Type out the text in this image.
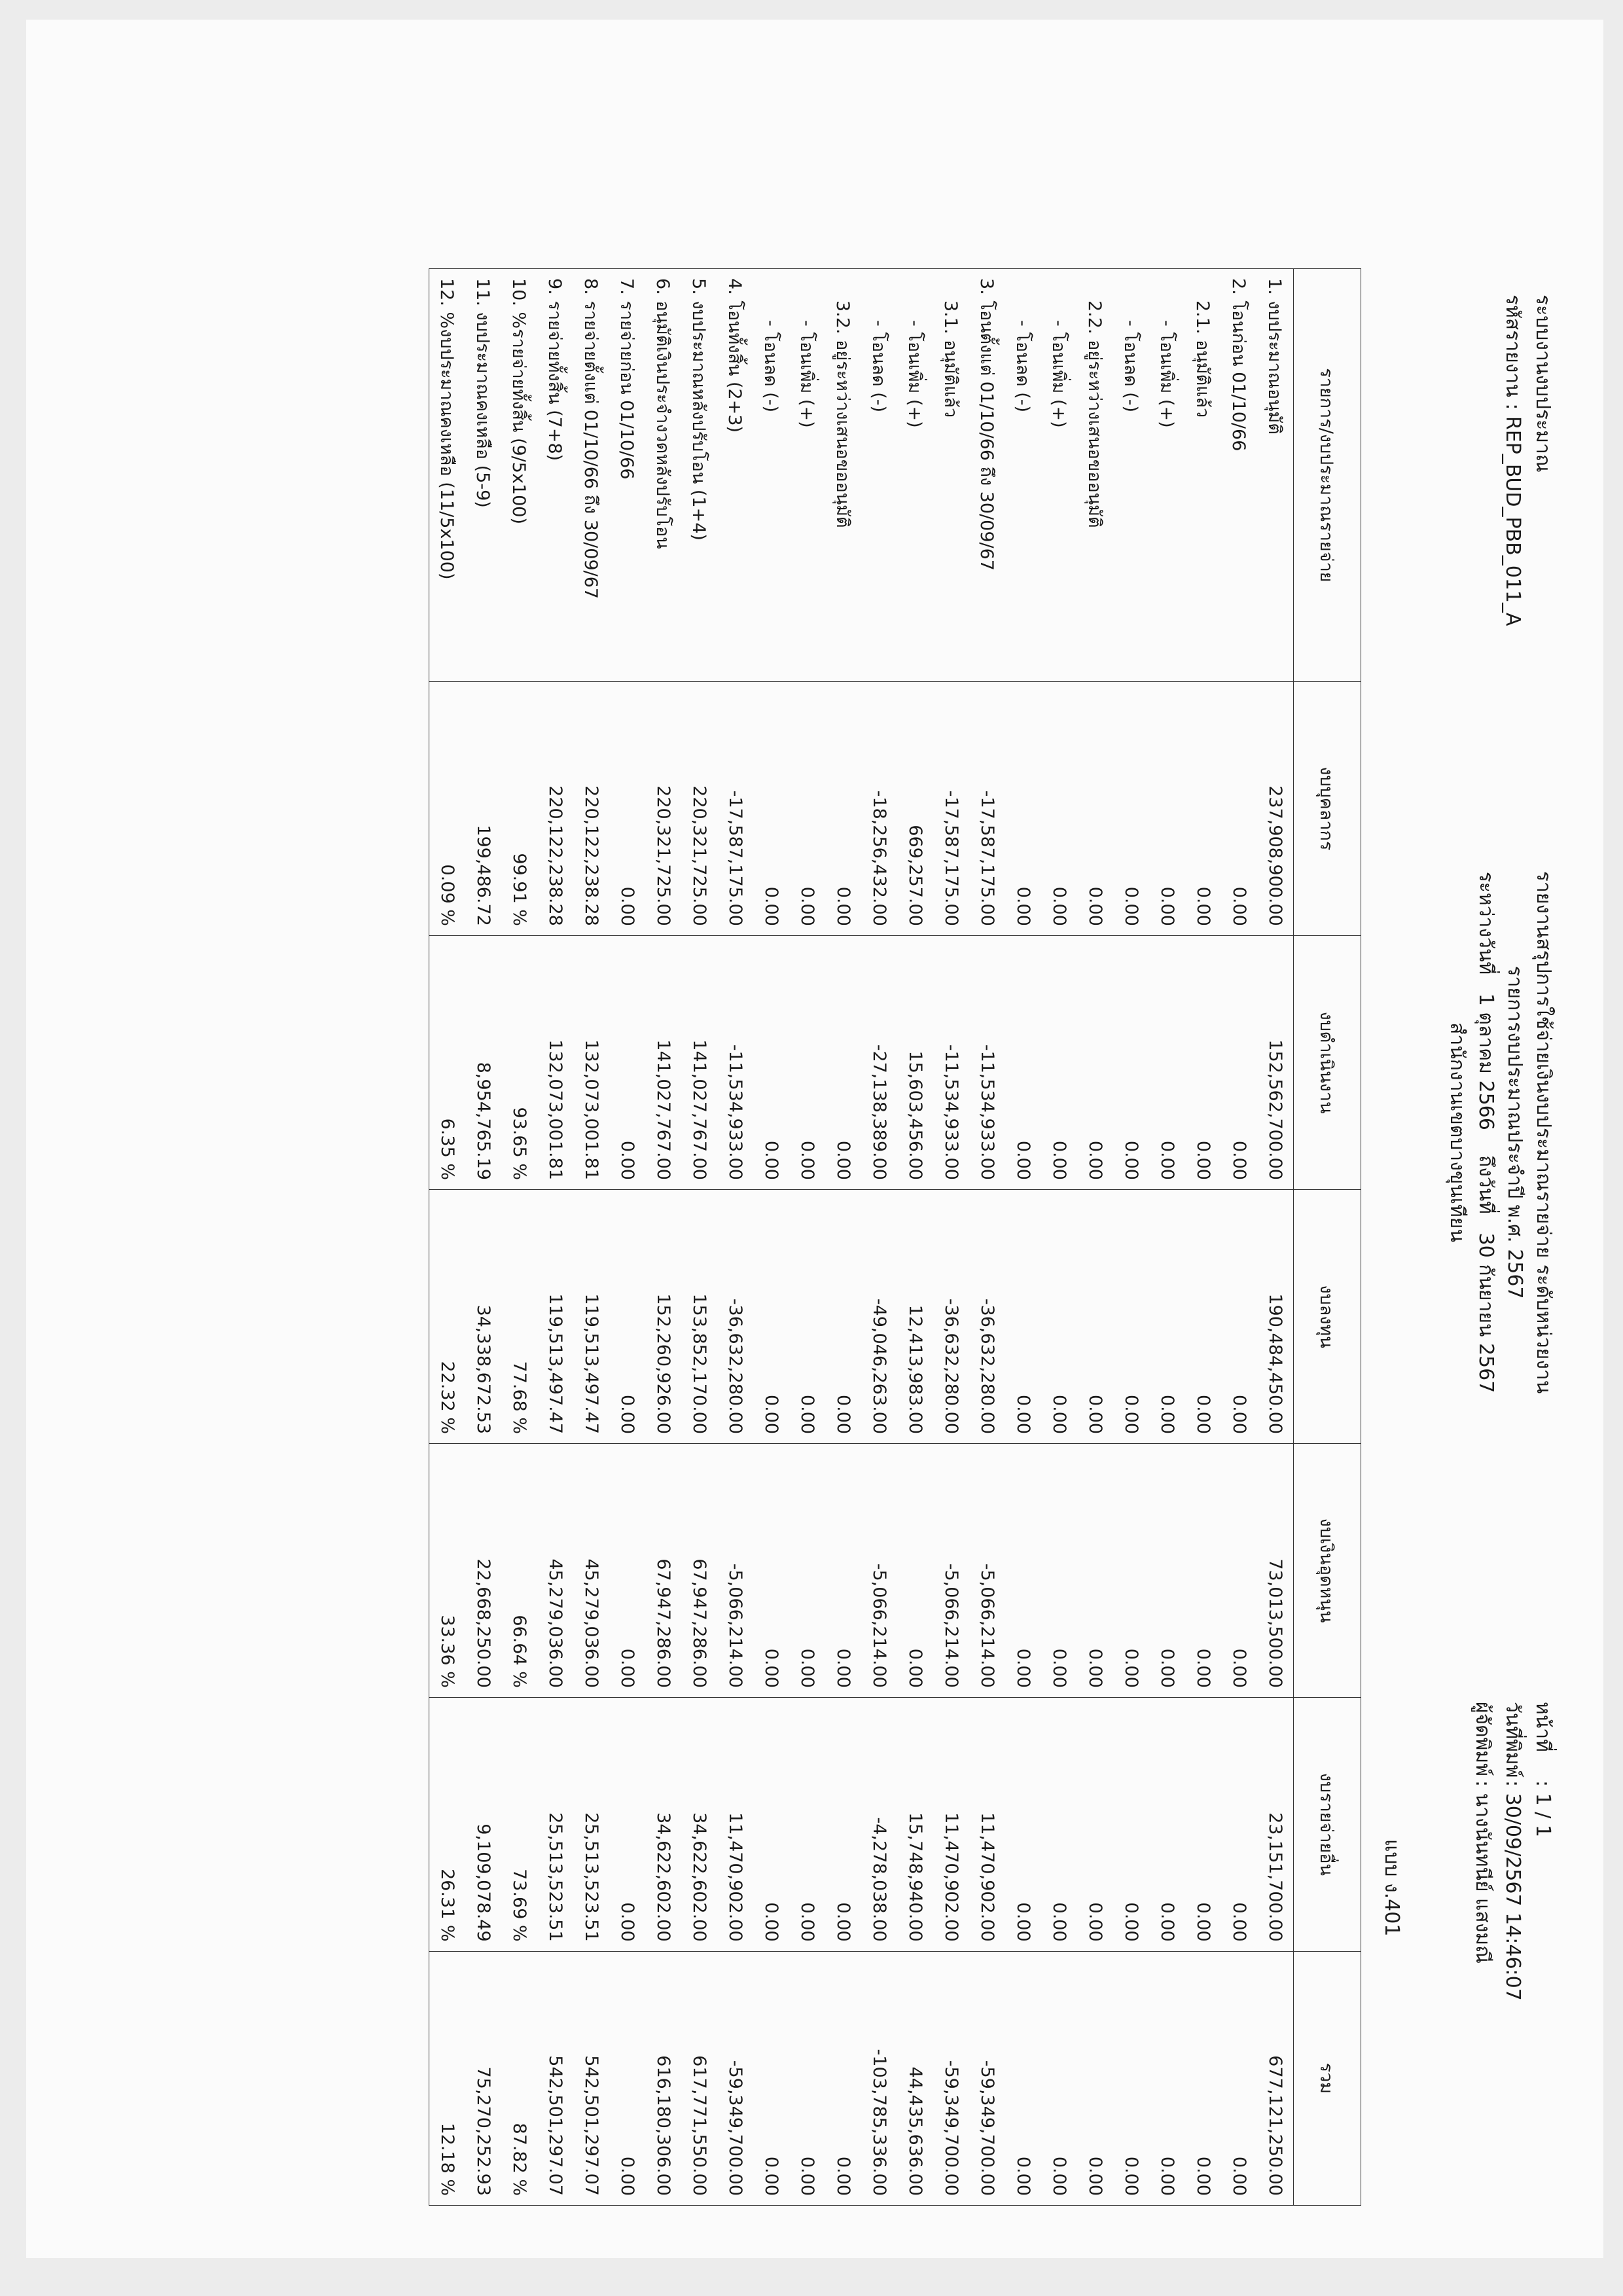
ระบบงานงบประมาณ
รหัสรายงาน : REP_BUD_PBB_011_A
รายงานสรุปการใช้จ่ายเงินงบประมาณรายจ่าย ระดับหน่วยงาน
รายการงบประมาณประจำปี พ.ศ. 2567
ระหว่างวันที่   1 ตุลาคม 2566    ถึงวันที่   30 กันยายน 2567
สำนักงานเขตบางขุนเทียน
หน้าที่: 1 / 1
วันที่พิมพ์: 30/09/2567 14:46:07
ผู้จัดพิมพ์: นางนันทนีย์ แสงมณี
แบบ ง.401
รายการ/งบประมาณรายจ่าย	งบบุคลากร	งบดำเนินงาน	งบลงทุน	งบเงินอุดหนุน	งบรายจ่ายอื่น	รวม
1. งบประมาณอนุมัติ	237,908,900.00	152,562,700.00	190,484,450.00	73,013,500.00	23,151,700.00	677,121,250.00
2. โอนก่อน 01/10/66	0.00	0.00	0.00	0.00	0.00	0.00
2.1. อนุมัติแล้ว	0.00	0.00	0.00	0.00	0.00	0.00
- โอนเพิ่ม (+)	0.00	0.00	0.00	0.00	0.00	0.00
- โอนลด (-)	0.00	0.00	0.00	0.00	0.00	0.00
2.2. อยู่ระหว่างเสนอขออนุมัติ	0.00	0.00	0.00	0.00	0.00	0.00
- โอนเพิ่ม (+)	0.00	0.00	0.00	0.00	0.00	0.00
- โอนลด (-)	0.00	0.00	0.00	0.00	0.00	0.00
3. โอนตั้งแต่ 01/10/66 ถึง 30/09/67	-17,587,175.00	-11,534,933.00	-36,632,280.00	-5,066,214.00	11,470,902.00	-59,349,700.00
3.1. อนุมัติแล้ว	-17,587,175.00	-11,534,933.00	-36,632,280.00	-5,066,214.00	11,470,902.00	-59,349,700.00
- โอนเพิ่ม (+)	669,257.00	15,603,456.00	12,413,983.00	0.00	15,748,940.00	44,435,636.00
- โอนลด (-)	-18,256,432.00	-27,138,389.00	-49,046,263.00	-5,066,214.00	-4,278,038.00	-103,785,336.00
3.2. อยู่ระหว่างเสนอขออนุมัติ	0.00	0.00	0.00	0.00	0.00	0.00
- โอนเพิ่ม (+)	0.00	0.00	0.00	0.00	0.00	0.00
- โอนลด (-)	0.00	0.00	0.00	0.00	0.00	0.00
4. โอนทั้งสิ้น (2+3)	-17,587,175.00	-11,534,933.00	-36,632,280.00	-5,066,214.00	11,470,902.00	-59,349,700.00
5. งบประมาณหลังปรับโอน (1+4)	220,321,725.00	141,027,767.00	153,852,170.00	67,947,286.00	34,622,602.00	617,771,550.00
6. อนุมัติเงินประจำงวดหลังปรับโอน	220,321,725.00	141,027,767.00	152,260,926.00	67,947,286.00	34,622,602.00	616,180,306.00
7. รายจ่ายก่อน 01/10/66	0.00	0.00	0.00	0.00	0.00	0.00
8. รายจ่ายตั้งแต่ 01/10/66 ถึง 30/09/67	220,122,238.28	132,073,001.81	119,513,497.47	45,279,036.00	25,513,523.51	542,501,297.07
9. รายจ่ายทั้งสิ้น (7+8)	220,122,238.28	132,073,001.81	119,513,497.47	45,279,036.00	25,513,523.51	542,501,297.07
10. %รายจ่ายทั้งสิ้น (9/5x100)	99.91 %	93.65 %	77.68 %	66.64 %	73.69 %	87.82 %
11. งบประมาณคงเหลือ (5-9)	199,486.72	8,954,765.19	34,338,672.53	22,668,250.00	9,109,078.49	75,270,252.93
12. %งบประมาณคงเหลือ (11/5x100)	0.09 %	6.35 %	22.32 %	33.36 %	26.31 %	12.18 %
